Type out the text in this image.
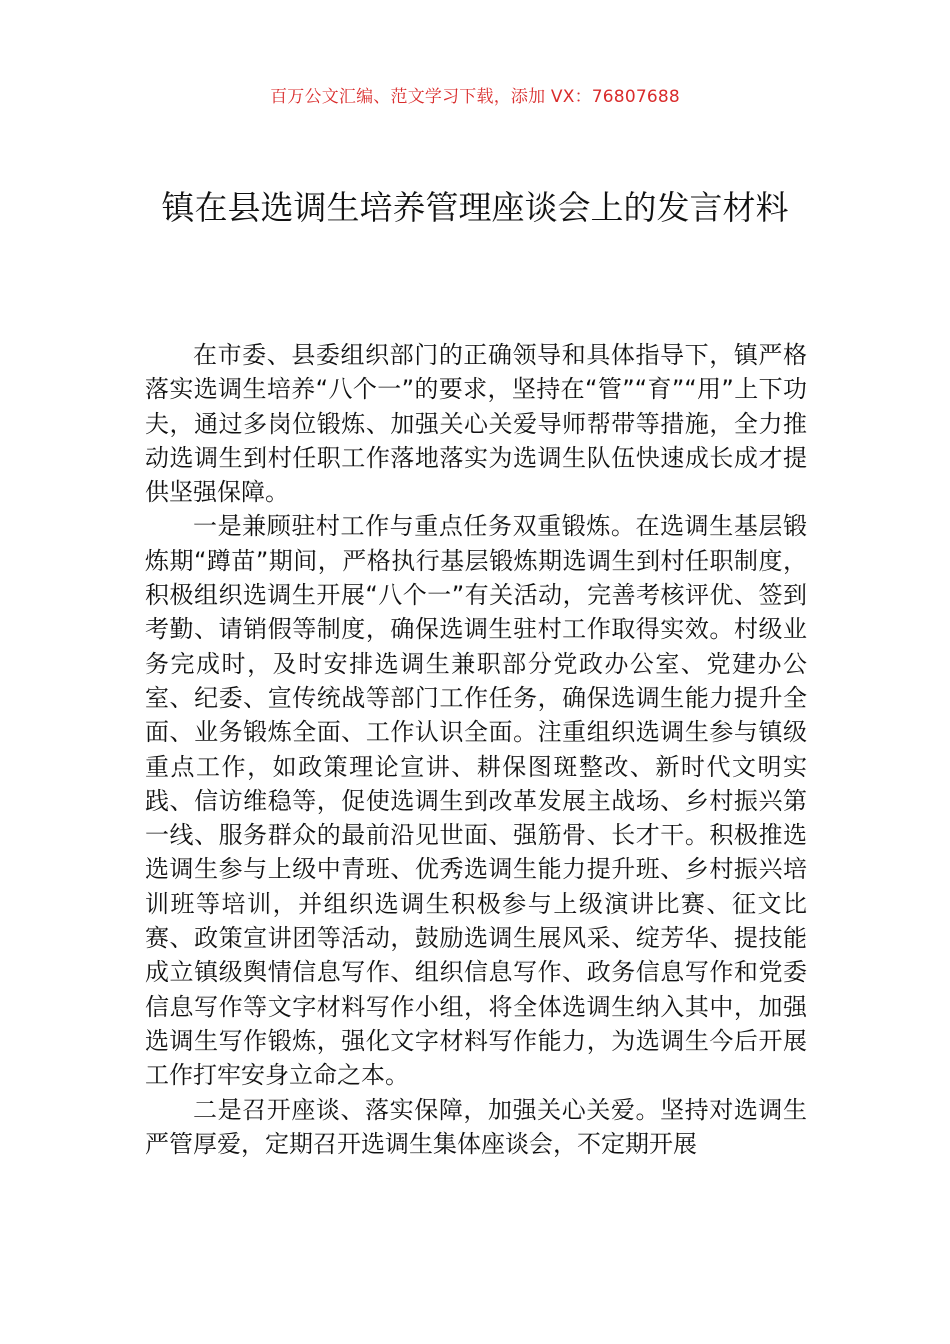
百万公文汇编、范文学习下载，添加 VX：76807688
镇在县选调生培养管理座谈会上的发言材料

在市委、县委组织部门的正确领导和具体指导下，镇严格落实选调生培养“八个一”的要求，坚持在“管”“育”“用”上下功夫，通过多岗位锻炼、加强关心关爱导师帮带等措施，全力推动选调生到村任职工作落地落实为选调生队伍快速成长成才提供坚强保障。

一是兼顾驻村工作与重点任务双重锻炼。在选调生基层锻炼期“蹲苗”期间，严格执行基层锻炼期选调生到村任职制度，积极组织选调生开展“八个一”有关活动，完善考核评优、签到考勤、请销假等制度，确保选调生驻村工作取得实效。村级业务完成时，及时安排选调生兼职部分党政办公室、党建办公室、纪委、宣传统战等部门工作任务，确保选调生能力提升全面、业务锻炼全面、工作认识全面。注重组织选调生参与镇级重点工作，如政策理论宣讲、耕保图斑整改、新时代文明实践、信访维稳等，促使选调生到改革发展主战场、乡村振兴第一线、服务群众的最前沿见世面、强筋骨、长才干。积极推选选调生参与上级中青班、优秀选调生能力提升班、乡村振兴培训班等培训，并组织选调生积极参与上级演讲比赛、征文比赛、政策宣讲团等活动，鼓励选调生展风采、绽芳华、提技能成立镇级舆情信息写作、组织信息写作、政务信息写作和党委信息写作等文字材料写作小组，将全体选调生纳入其中，加强选调生写作锻炼，强化文字材料写作能力，为选调生今后开展工作打牢安身立命之本。

二是召开座谈、落实保障，加强关心关爱。坚持对选调生严管厚爱，定期召开选调生集体座谈会，不定期开展
